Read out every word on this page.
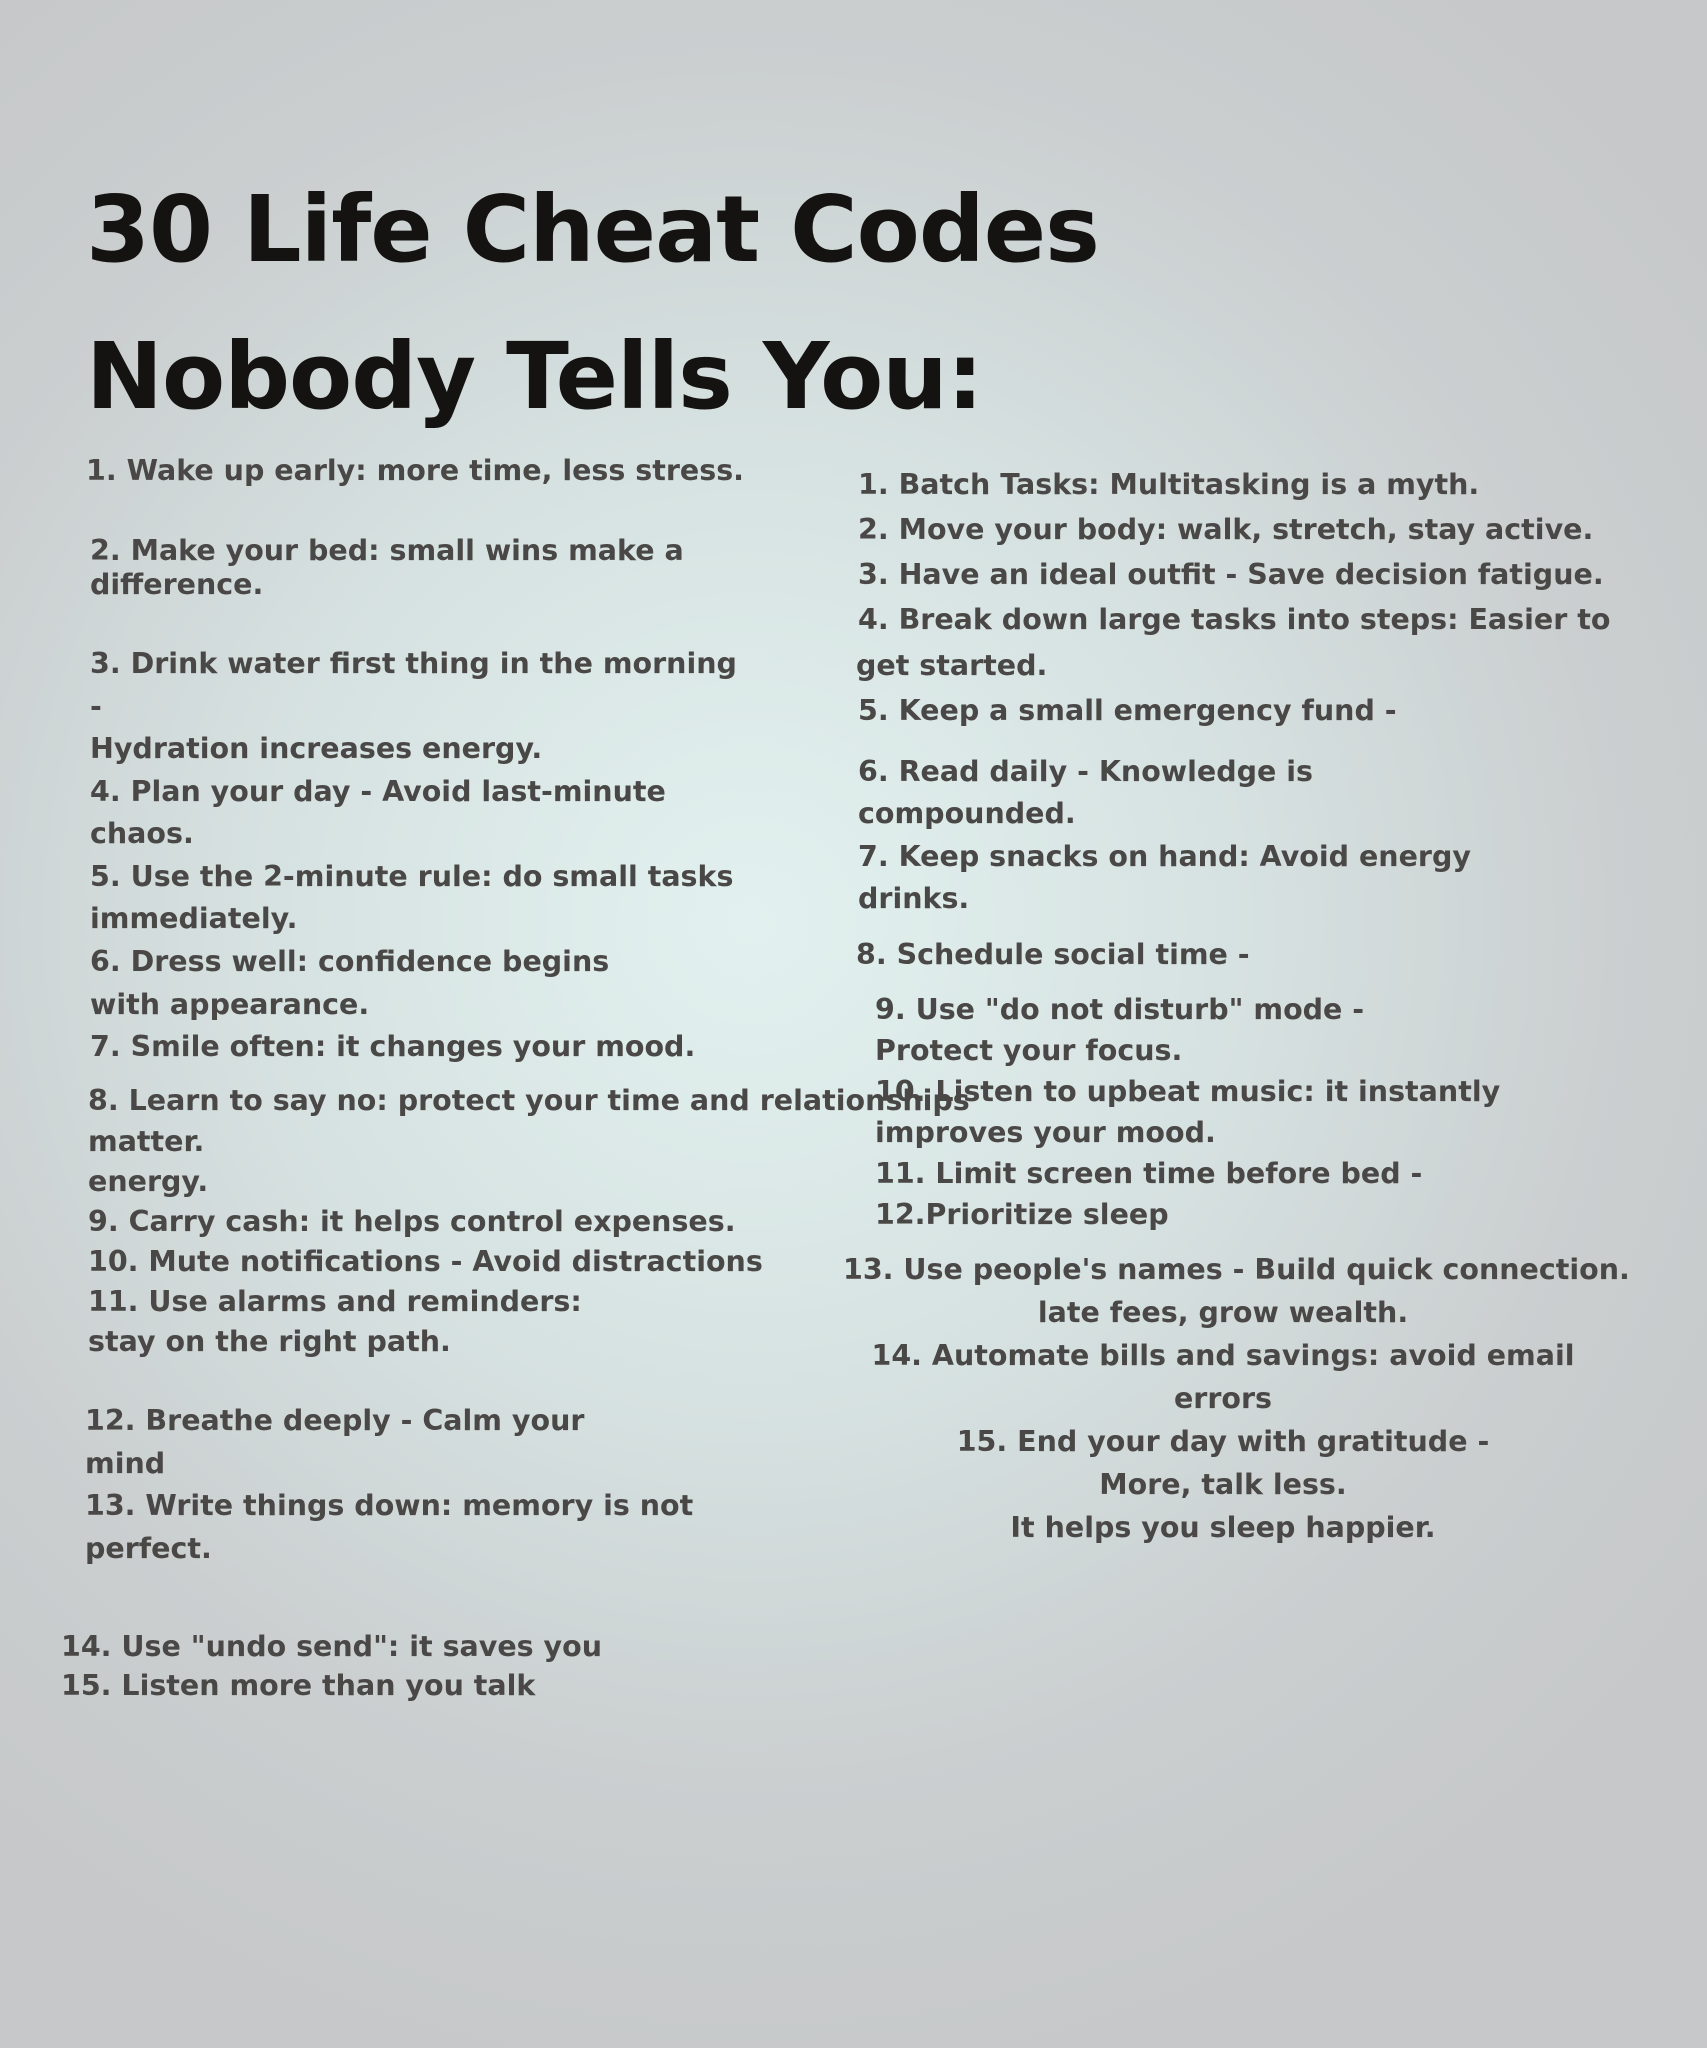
30 Life Cheat Codes
Nobody Tells You:

1. Wake up early: more time, less stress.

2. Make your bed: small wins make a

difference.

3. Drink water first thing in the morning

-

Hydration increases energy.

4. Plan your day - Avoid last-minute

chaos.

5. Use the 2-minute rule: do small tasks

immediately.

6. Dress well: confidence begins

with appearance.

7. Smile often: it changes your mood.

8. Learn to say no: protect your time and relationships

matter.

energy.

9. Carry cash: it helps control expenses.

10. Mute notifications - Avoid distractions

11. Use alarms and reminders:

stay on the right path.

12. Breathe deeply - Calm your

mind

13. Write things down: memory is not

perfect.

14. Use "undo send": it saves you

15. Listen more than you talk

1. Batch Tasks: Multitasking is a myth.

2. Move your body: walk, stretch, stay active.

3. Have an ideal outfit - Save decision fatigue.

4. Break down large tasks into steps: Easier to

get started.

5. Keep a small emergency fund -

6. Read daily - Knowledge is

compounded.

7. Keep snacks on hand: Avoid energy

drinks.

8. Schedule social time -

9. Use "do not disturb" mode -

Protect your focus.

10. Listen to upbeat music: it instantly

improves your mood.

11. Limit screen time before bed -

12.Prioritize sleep

13. Use people's names - Build quick connection.

late fees, grow wealth.

14. Automate bills and savings: avoid email

errors

15. End your day with gratitude -

More, talk less.

It helps you sleep happier.
